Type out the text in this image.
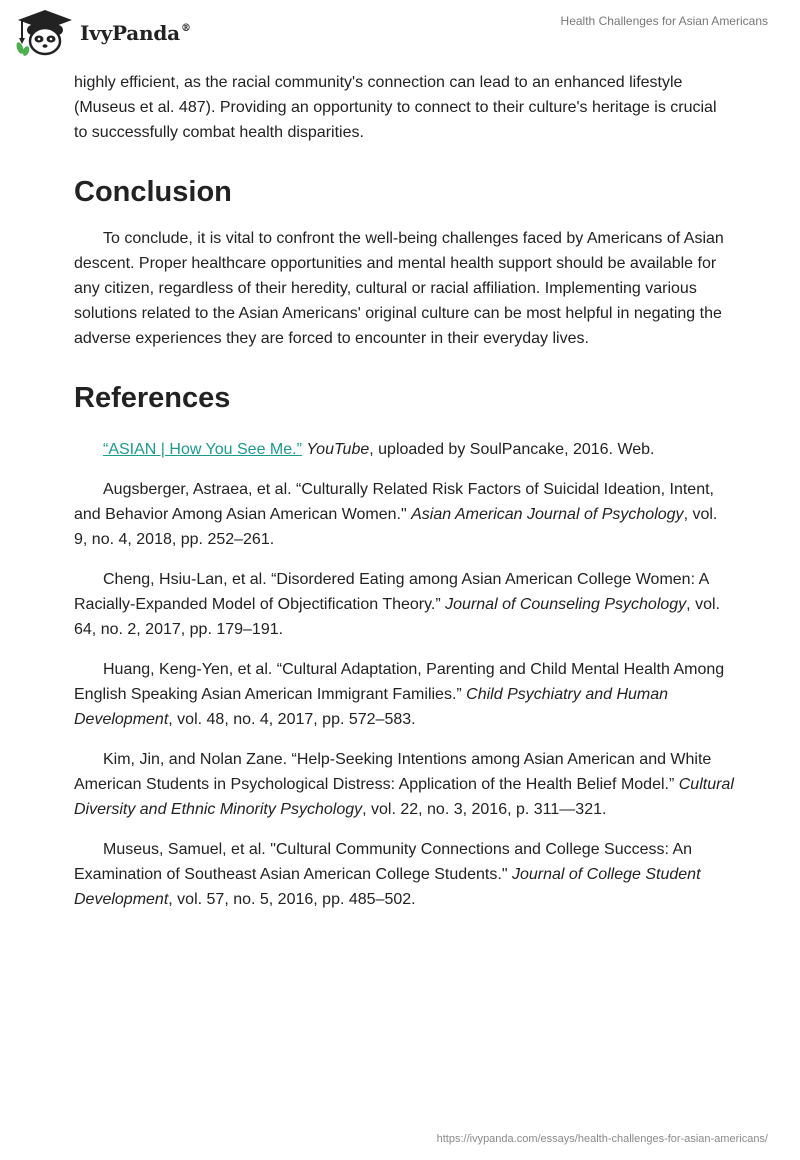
IvyPanda®
Health Challenges for Asian Americans

highly efficient, as the racial community's connection can lead to an enhanced lifestyle (Museus et al. 487). Providing an opportunity to connect to their culture's heritage is crucial to successfully combat health disparities.

Conclusion

To conclude, it is vital to confront the well-being challenges faced by Americans of Asian descent. Proper healthcare opportunities and mental health support should be available for any citizen, regardless of their heredity, cultural or racial affiliation. Implementing various solutions related to the Asian Americans' original culture can be most helpful in negating the adverse experiences they are forced to encounter in their everyday lives.

References

“ASIAN | How You See Me.” YouTube, uploaded by SoulPancake, 2016. Web.

Augsberger, Astraea, et al. “Culturally Related Risk Factors of Suicidal Ideation, Intent, and Behavior Among Asian American Women." Asian American Journal of Psychology, vol. 9, no. 4, 2018, pp. 252–261.

Cheng, Hsiu-Lan, et al. “Disordered Eating among Asian American College Women: A Racially-Expanded Model of Objectification Theory.” Journal of Counseling Psychology, vol. 64, no. 2, 2017, pp. 179–191.

Huang, Keng-Yen, et al. “Cultural Adaptation, Parenting and Child Mental Health Among English Speaking Asian American Immigrant Families.” Child Psychiatry and Human Development, vol. 48, no. 4, 2017, pp. 572–583.

Kim, Jin, and Nolan Zane. “Help-Seeking Intentions among Asian American and White American Students in Psychological Distress: Application of the Health Belief Model.” Cultural Diversity and Ethnic Minority Psychology, vol. 22, no. 3, 2016, p. 311—321.

Museus, Samuel, et al. "Cultural Community Connections and College Success: An Examination of Southeast Asian American College Students." Journal of College Student Development, vol. 57, no. 5, 2016, pp. 485–502.

https://ivypanda.com/essays/health-challenges-for-asian-americans/
